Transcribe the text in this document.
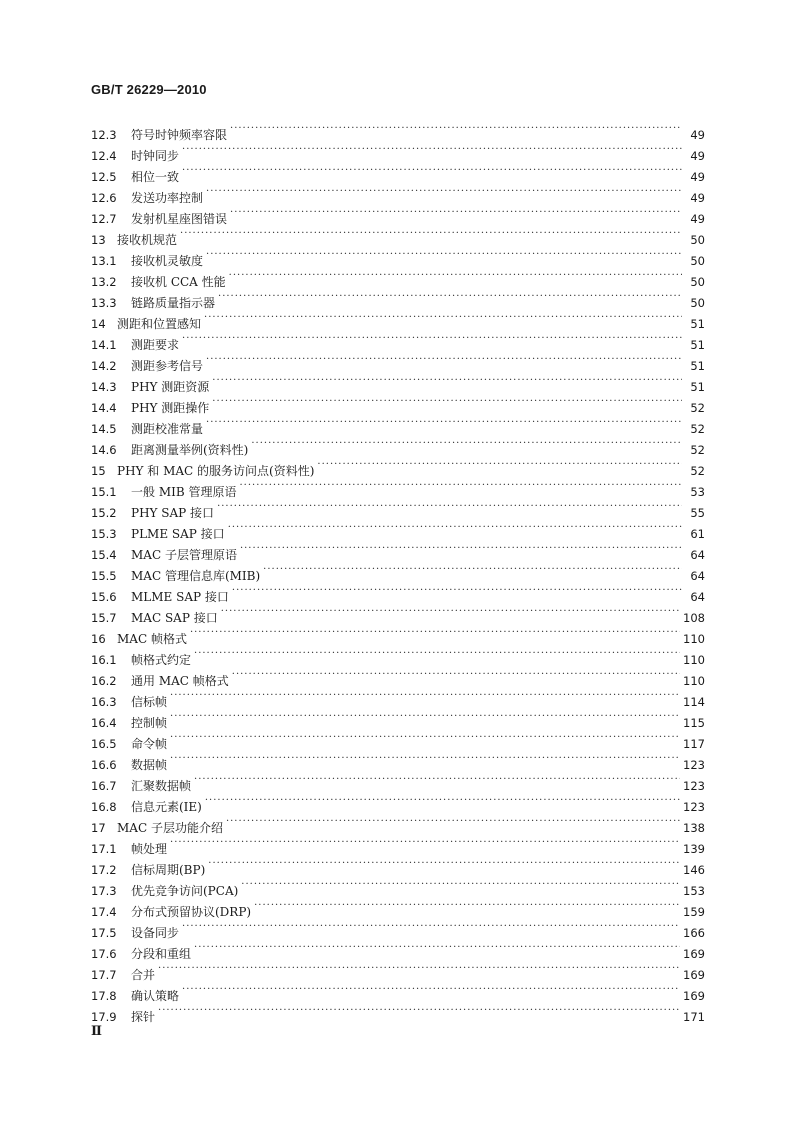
GB/T 26229—2010
12.3	符号时钟频率容限 ·····	49
12.4	时钟同步 ·····	49
12.5	相位一致 ·····	49
12.6	发送功率控制 ·····	49
12.7	发射机星座图错误 ·····	49
13 接收机规范 ·····	50
13.1	接收机灵敏度 ·····	50
13.2	接收机 CCA 性能 ·····	50
13.3	链路质量指示器 ·····	50
14 测距和位置感知 ·····	51
14.1	测距要求 ·····	51
14.2	测距参考信号 ·····	51
14.3	PHY 测距资源 ·····	51
14.4	PHY 测距操作 ·····	52
14.5	测距校准常量 ·····	52
14.6	距离测量举例(资料性) ·····	52
15 PHY 和 MAC 的服务访问点(资料性) ·····	52
15.1	一般 MIB 管理原语 ·····	53
15.2	PHY SAP 接口 ·····	55
15.3	PLME SAP 接口 ·····	61
15.4	MAC 子层管理原语 ·····	64
15.5	MAC 管理信息库(MIB) ·····	64
15.6	MLME SAP 接口 ·····	64
15.7	MAC SAP 接口 ·····	108
16 MAC 帧格式 ·····	110
16.1	帧格式约定 ·····	110
16.2	通用 MAC 帧格式 ·····	110
16.3	信标帧 ·····	114
16.4	控制帧 ·····	115
16.5	命令帧 ·····	117
16.6	数据帧 ·····	123
16.7	汇聚数据帧 ·····	123
16.8	信息元素(IE) ·····	123
17 MAC 子层功能介绍 ·····	138
17.1	帧处理 ·····	139
17.2	信标周期(BP) ·····	146
17.3	优先竞争访问(PCA) ·····	153
17.4	分布式预留协议(DRP) ·····	159
17.5	设备同步 ·····	166
17.6	分段和重组 ·····	169
17.7	合并 ·····	169
17.8	确认策略 ·····	169
17.9	探针 ·····	171
Ⅱ
